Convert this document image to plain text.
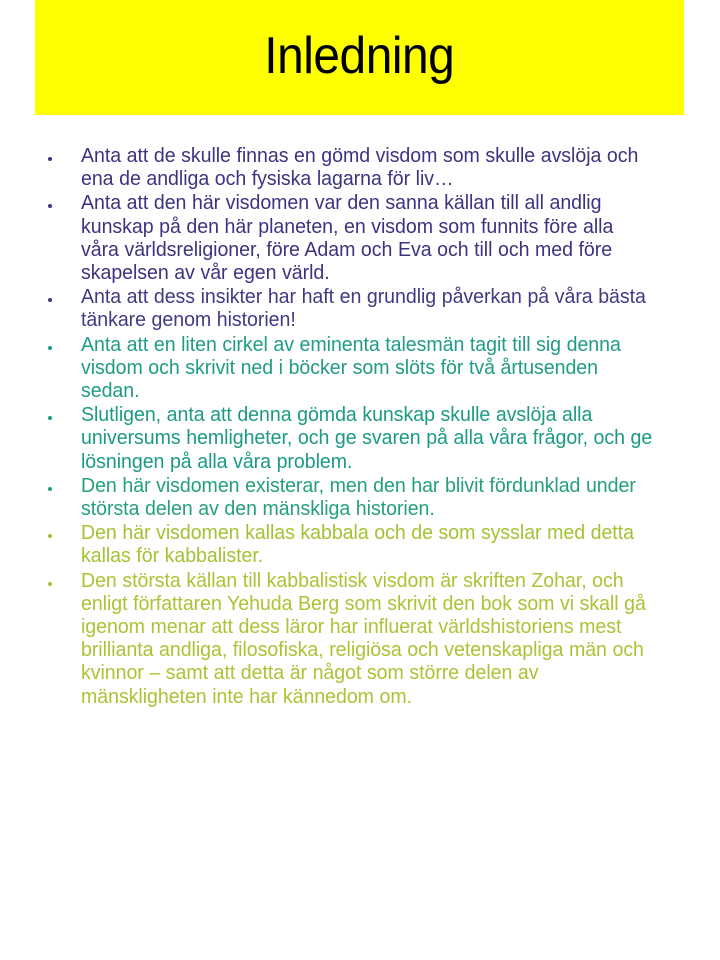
Inledning
Anta att de skulle finnas en gömd visdom som skulle avslöja och ena de andliga och fysiska lagarna för liv…
Anta att den här visdomen var den sanna källan till all andlig kunskap på den här planeten, en visdom som funnits före alla våra världsreligioner, före Adam och Eva och till och med före skapelsen av vår egen värld.
Anta att dess insikter har haft en grundlig påverkan på våra bästa tänkare genom historien!
Anta att en liten cirkel av eminenta talesmän tagit till sig denna visdom och skrivit ned i böcker som slöts för två årtusenden sedan.
Slutligen, anta att denna gömda kunskap skulle avslöja alla universums hemligheter, och ge svaren på alla våra frågor, och ge lösningen på alla våra problem.
Den här visdomen existerar, men den har blivit fördunklad under största delen av den mänskliga historien.
Den här visdomen kallas kabbala och de som sysslar med detta kallas för kabbalister.
Den största källan till kabbalistisk visdom är skriften Zohar, och enligt författaren Yehuda Berg som skrivit den bok som vi skall gå igenom menar att dess läror har influerat världshistoriens mest brillianta andliga, filosofiska, religiösa och vetenskapliga män och kvinnor – samt att detta är något som större delen av mänskligheten inte har kännedom om.
